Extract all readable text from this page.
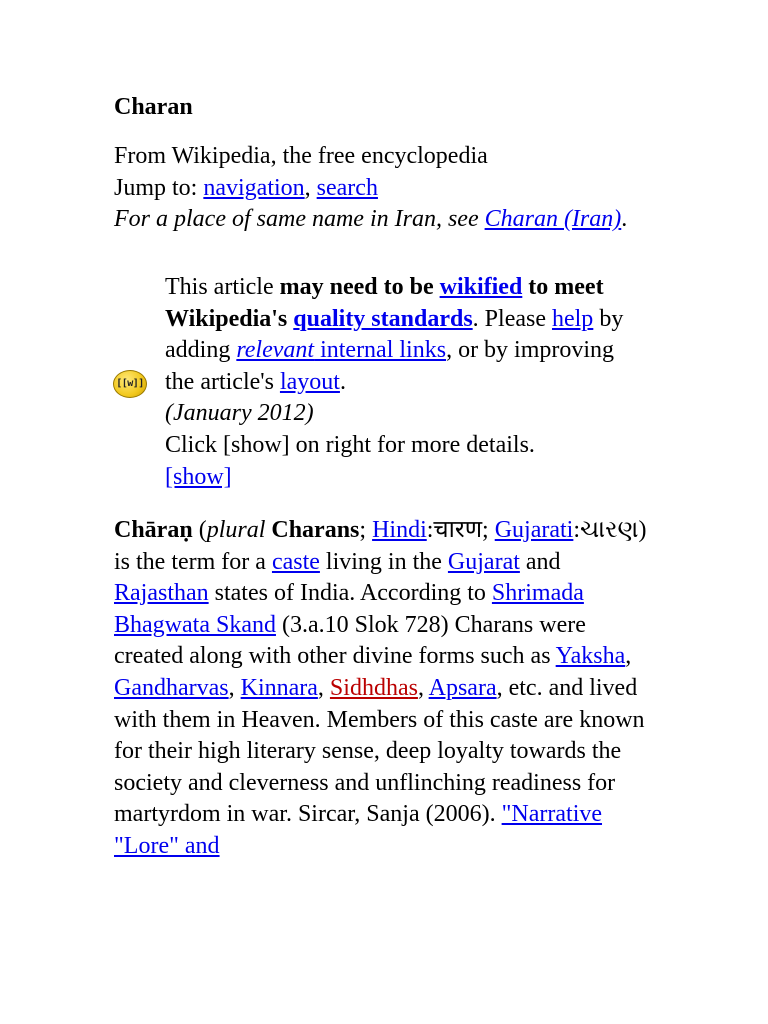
Charan
From Wikipedia, the free encyclopedia
Jump to: navigation, search
For a place of same name in Iran, see Charan (Iran).
[[w]]
This article may need to be wikified to meet Wikipedia's quality standards. Please help by adding relevant internal links, or by improving the article's layout.
(January 2012)
Click [show] on right for more details.
[show]
Chāraṇ (plural Charans; Hindi:चारण; Gujarati:ચારણ) is the term for a caste living in the Gujarat and Rajasthan states of India. According to Shrimada Bhagwata Skand (3.a.10 Slok 728) Charans were created along with other divine forms such as Yaksha, Gandharvas, Kinnara, Sidhdhas, Apsara, etc. and lived with them in Heaven. Members of this caste are known for their high literary sense, deep loyalty towards the society and cleverness and unflinching readiness for martyrdom in war. Sircar, Sanja (2006). "Narrative "Lore" and
